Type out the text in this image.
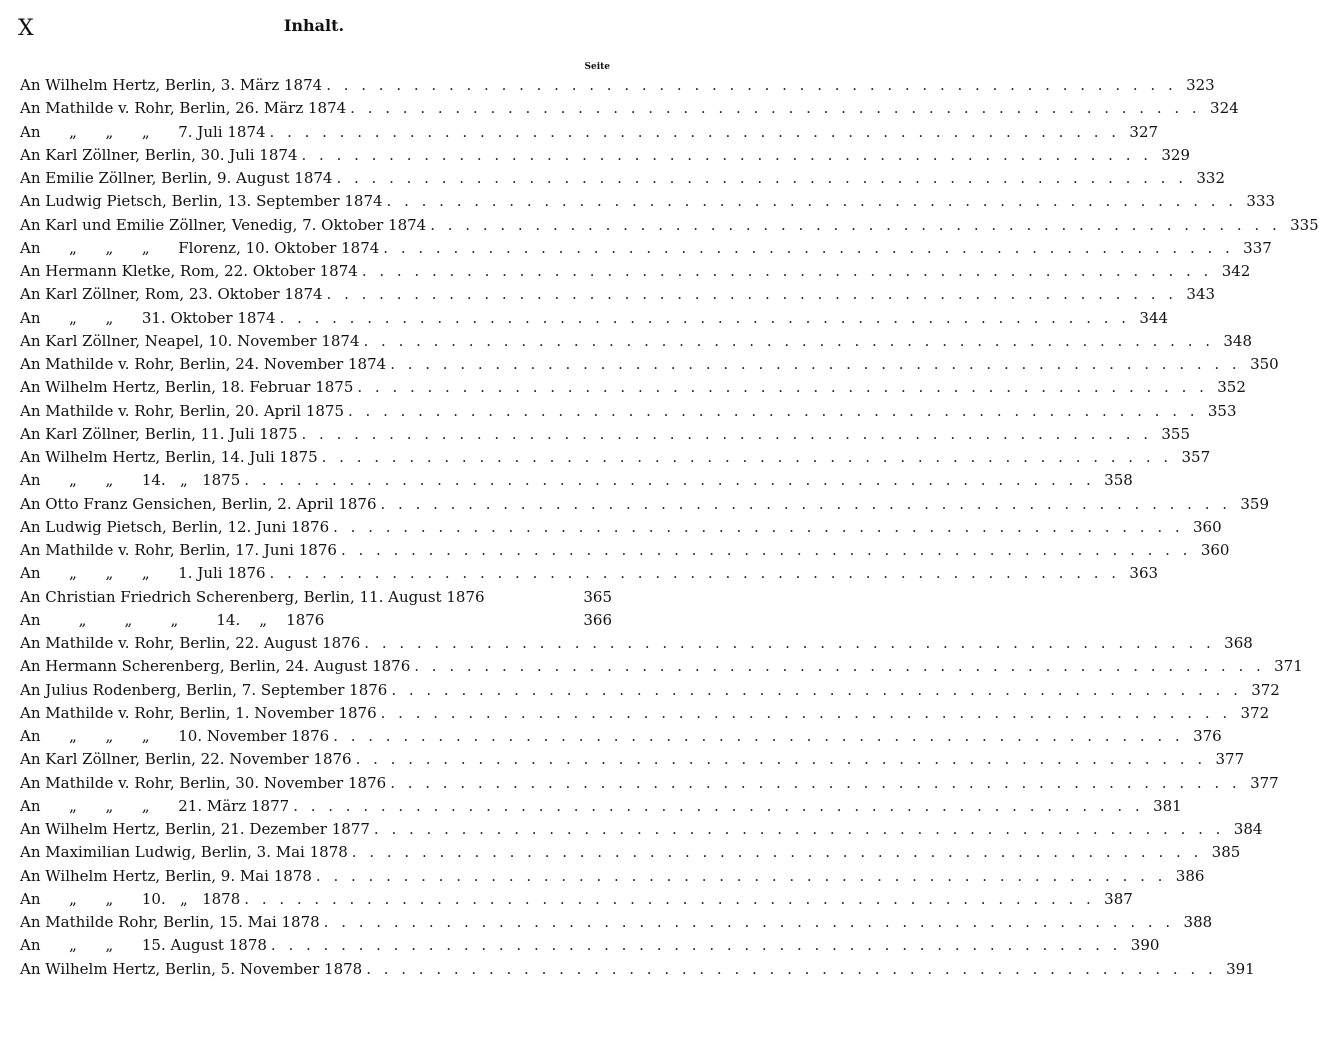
X	Inhalt.
Seite
An Wilhelm Hertz, Berlin, 3. März 1874 . . .	323
An Mathilde v. Rohr, Berlin, 26. März 1874 . . .	324
An      „      „      „      7. Juli 1874 . . .	327
An Karl Zöllner, Berlin, 30. Juli 1874 . . .	329
An Emilie Zöllner, Berlin, 9. August 1874 . . .	332
An Ludwig Pietsch, Berlin, 13. September 1874 . . .	333
An Karl und Emilie Zöllner, Venedig, 7. Oktober 1874 . . .	335
An      „      „      „      Florenz, 10. Oktober 1874 . . .	337
An Hermann Kletke, Rom, 22. Oktober 1874 . . .	342
An Karl Zöllner, Rom, 23. Oktober 1874 . . .	343
An      „      „      31. Oktober 1874 . . .	344
An Karl Zöllner, Neapel, 10. November 1874 . . .	348
An Mathilde v. Rohr, Berlin, 24. November 1874 . . .	350
An Wilhelm Hertz, Berlin, 18. Februar 1875 . . .	352
An Mathilde v. Rohr, Berlin, 20. April 1875 . . .	353
An Karl Zöllner, Berlin, 11. Juli 1875 . . .	355
An Wilhelm Hertz, Berlin, 14. Juli 1875 . . .	357
An      „      „      14.   „   1875 . . .	358
An Otto Franz Gensichen, Berlin, 2. April 1876 . . .	359
An Ludwig Pietsch, Berlin, 12. Juni 1876 . . .	360
An Mathilde v. Rohr, Berlin, 17. Juni 1876 . . .	360
An      „      „      „      1. Juli 1876 . . .	363
An Christian Friedrich Scherenberg, Berlin, 11. August 1876	365
An        „        „        „        14.    „    1876	366
An Mathilde v. Rohr, Berlin, 22. August 1876 . . .	368
An Hermann Scherenberg, Berlin, 24. August 1876 . . .	371
An Julius Rodenberg, Berlin, 7. September 1876 . . .	372
An Mathilde v. Rohr, Berlin, 1. November 1876 . . .	372
An      „      „      „      10. November 1876 . . .	376
An Karl Zöllner, Berlin, 22. November 1876 . . .	377
An Mathilde v. Rohr, Berlin, 30. November 1876 . . .	377
An      „      „      „      21. März 1877 . . .	381
An Wilhelm Hertz, Berlin, 21. Dezember 1877 . . .	384
An Maximilian Ludwig, Berlin, 3. Mai 1878 . . .	385
An Wilhelm Hertz, Berlin, 9. Mai 1878 . . .	386
An      „      „      10.   „   1878 . . .	387
An Mathilde Rohr, Berlin, 15. Mai 1878 . . .	388
An      „      „      15. August 1878 . . .	390
An Wilhelm Hertz, Berlin, 5. November 1878 . . .	391
